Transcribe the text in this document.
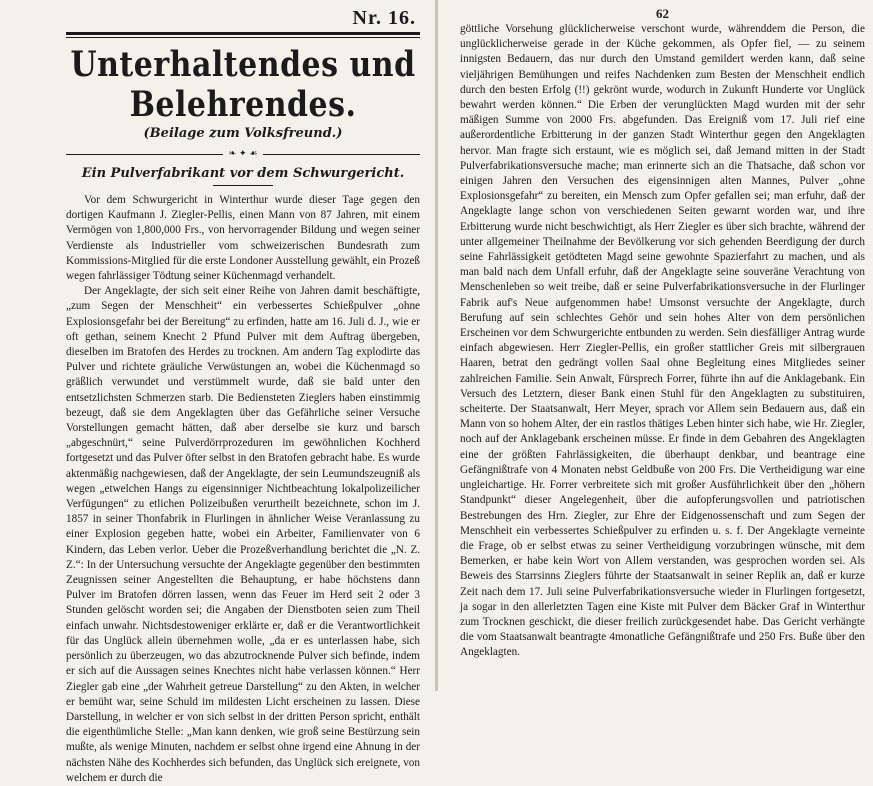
Nr. 16.
Unterhaltendes und Belehrendes.
(Beilage zum Volksfreund.)
❧ ✦ ☙
Ein Pulverfabrikant vor dem Schwurgericht.

Vor dem Schwurgericht in Winterthur wurde dieser Tage gegen den dortigen Kaufmann J. Ziegler-Pellis, einen Mann von 87 Jahren, mit einem Vermögen von 1,800,000 Frs., von hervorragender Bildung und wegen seiner Verdienste als Industrieller vom schweizerischen Bundesrath zum Kommissions-Mitglied für die erste Londoner Ausstellung gewählt, ein Prozeß wegen fahrlässiger Tödtung seiner Küchenmagd verhandelt.

Der Angeklagte, der sich seit einer Reihe von Jahren damit beschäftigte, „zum Segen der Menschheit“ ein verbessertes Schießpulver „ohne Explosionsgefahr bei der Bereitung“ zu erfinden, hatte am 16. Juli d. J., wie er oft gethan, seinem Knecht 2 Pfund Pulver mit dem Auftrag übergeben, dieselben im Bratofen des Herdes zu trocknen. Am andern Tag explodirte das Pulver und richtete gräuliche Verwüstungen an, wobei die Küchenmagd so gräßlich verwundet und verstümmelt wurde, daß sie bald unter den entsetzlichsten Schmerzen starb. Die Bediensteten Zieglers haben einstimmig bezeugt, daß sie dem Angeklagten über das Gefährliche seiner Versuche Vorstellungen gemacht hätten, daß aber derselbe sie kurz und barsch „abgeschnürt,“ seine Pulverdörrprozeduren im gewöhnlichen Kochherd fortgesetzt und das Pulver öfter selbst in den Bratofen gebracht habe. Es wurde aktenmäßig nachgewiesen, daß der Angeklagte, der sein Leumundszeugniß als wegen „etwelchen Hangs zu eigensinniger Nichtbeachtung lokalpolizeilicher Verfügungen“ zu etlichen Polizeibußen verurtheilt bezeichnete, schon im J. 1857 in seiner Thonfabrik in Flurlingen in ähnlicher Weise Veranlassung zu einer Explosion gegeben hatte, wobei ein Arbeiter, Familienvater von 6 Kindern, das Leben verlor. Ueber die Prozeßverhandlung berichtet die „N. Z. Z.“: In der Untersuchung versuchte der Angeklagte gegenüber den bestimmten Zeugnissen seiner Angestellten die Behauptung, er habe höchstens dann Pulver im Bratofen dörren lassen, wenn das Feuer im Herd seit 2 oder 3 Stunden gelöscht worden sei; die Angaben der Dienstboten seien zum Theil einfach unwahr. Nichtsdestoweniger erklärte er, daß er die Verantwortlichkeit für das Unglück allein übernehmen wolle, „da er es unterlassen habe, sich persönlich zu überzeugen, wo das abzutrocknende Pulver sich befinde, indem er sich auf die Aussagen seines Knechtes nicht habe verlassen können.“ Herr Ziegler gab eine „der Wahrheit getreue Darstellung“ zu den Akten, in welcher er bemüht war, seine Schuld im mildesten Licht erscheinen zu lassen. Diese Darstellung, in welcher er von sich selbst in der dritten Person spricht, enthält die eigenthümliche Stelle: „Man kann denken, wie groß seine Bestürzung sein mußte, als wenige Minuten, nachdem er selbst ohne irgend eine Ahnung in der nächsten Nähe des Kochherdes sich befunden, das Unglück sich ereignete, von welchem er durch die

62

göttliche Vorsehung glücklicherweise verschont wurde, währenddem die Person, die unglücklicherweise gerade in der Küche gekommen, als Opfer fiel, — zu seinem innigsten Bedauern, das nur durch den Umstand gemildert werden kann, daß seine vieljährigen Bemühungen und reifes Nachdenken zum Besten der Menschheit endlich durch den besten Erfolg (!!) gekrönt wurde, wodurch in Zukunft Hunderte vor Unglück bewahrt werden können.“ Die Erben der verunglückten Magd wurden mit der sehr mäßigen Summe von 2000 Frs. abgefunden. Das Ereigniß vom 17. Juli rief eine außerordentliche Erbitterung in der ganzen Stadt Winterthur gegen den Angeklagten hervor. Man fragte sich erstaunt, wie es möglich sei, daß Jemand mitten in der Stadt Pulverfabrikationsversuche mache; man erinnerte sich an die Thatsache, daß schon vor einigen Jahren den Versuchen des eigensinnigen alten Mannes, Pulver „ohne Explosionsgefahr“ zu bereiten, ein Mensch zum Opfer gefallen sei; man erfuhr, daß der Angeklagte lange schon von verschiedenen Seiten gewarnt worden war, und ihre Erbitterung wurde nicht beschwichtigt, als Herr Ziegler es über sich brachte, während der unter allgemeiner Theilnahme der Bevölkerung vor sich gehenden Beerdigung der durch seine Fahrlässigkeit getödteten Magd seine gewohnte Spazierfahrt zu machen, und als man bald nach dem Unfall erfuhr, daß der Angeklagte seine souveräne Verachtung von Menschenleben so weit treibe, daß er seine Pulverfabrikationsversuche in der Flurlinger Fabrik auf's Neue aufgenommen habe! Umsonst versuchte der Angeklagte, durch Berufung auf sein schlechtes Gehör und sein hohes Alter von dem persönlichen Erscheinen vor dem Schwurgerichte entbunden zu werden. Sein diesfälliger Antrag wurde einfach abgewiesen. Herr Ziegler-Pellis, ein großer stattlicher Greis mit silbergrauen Haaren, betrat den gedrängt vollen Saal ohne Begleitung eines Mitgliedes seiner zahlreichen Familie. Sein Anwalt, Fürsprech Forrer, führte ihn auf die Anklagebank. Ein Versuch des Letztern, dieser Bank einen Stuhl für den Angeklagten zu substituiren, scheiterte. Der Staatsanwalt, Herr Meyer, sprach vor Allem sein Bedauern aus, daß ein Mann von so hohem Alter, der ein rastlos thätiges Leben hinter sich habe, wie Hr. Ziegler, noch auf der Anklagebank erscheinen müsse. Er finde in dem Gebahren des Angeklagten eine der größten Fahrlässigkeiten, die überhaupt denkbar, und beantrage eine Gefängnißtrafe von 4 Monaten nebst Geldbuße von 200 Frs. Die Vertheidigung war eine ungleichartige. Hr. Forrer verbreitete sich mit großer Ausführlichkeit über den „höhern Standpunkt“ dieser Angelegenheit, über die aufopferungsvollen und patriotischen Bestrebungen des Hrn. Ziegler, zur Ehre der Eidgenossenschaft und zum Segen der Menschheit ein verbessertes Schießpulver zu erfinden u. s. f. Der Angeklagte verneinte die Frage, ob er selbst etwas zu seiner Vertheidigung vorzubringen wünsche, mit dem Bemerken, er habe kein Wort von Allem verstanden, was gesprochen worden sei. Als Beweis des Starrsinns Zieglers führte der Staatsanwalt in seiner Replik an, daß er kurze Zeit nach dem 17. Juli seine Pulverfabrikationsversuche wieder in Flurlingen fortgesetzt, ja sogar in den allerletzten Tagen eine Kiste mit Pulver dem Bäcker Graf in Winterthur zum Trocknen geschickt, die dieser freilich zurückgesendet habe. Das Gericht verhängte die vom Staatsanwalt beantragte 4monatliche Gefängnißtrafe und 250 Frs. Buße über den Angeklagten.
